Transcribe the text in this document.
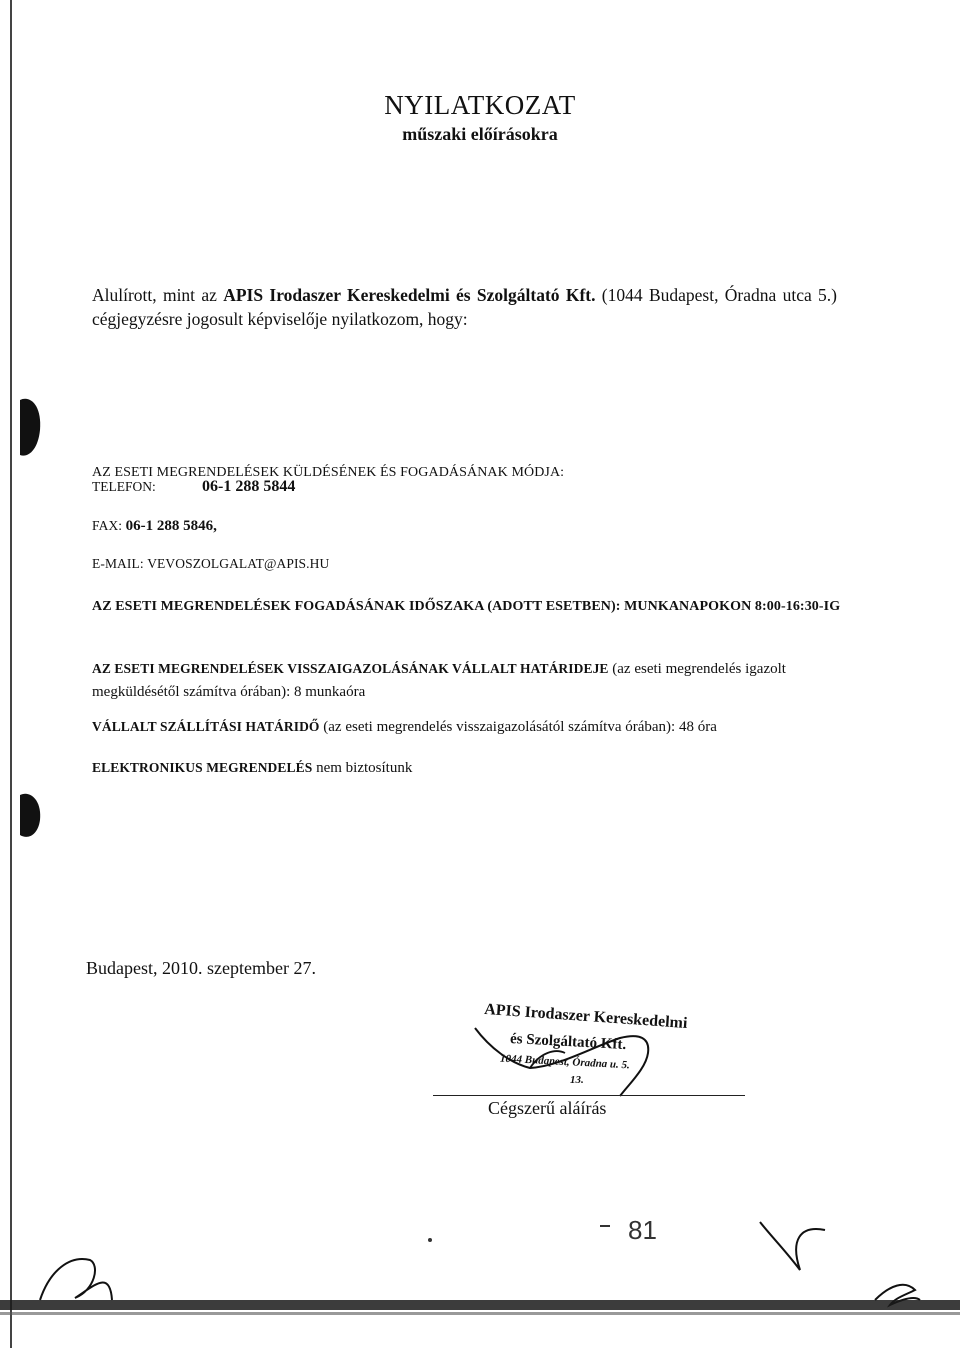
NYILATKOZAT
műszaki előírásokra
Alulírott, mint az APIS Irodaszer Kereskedelmi és Szolgáltató Kft. (1044 Budapest, Óradna utca 5.) cégjegyzésre jogosult képviselője nyilatkozom, hogy:
AZ ESETI MEGRENDELÉSEK KÜLDÉSÉNEK ÉS FOGADÁSÁNAK MÓDJA:
TELEFON:	06-1 288 5844
FAX: 06-1 288 5846,
E-MAIL: VEVOSZOLGALAT@APIS.HU
AZ ESETI MEGRENDELÉSEK FOGADÁSÁNAK IDŐSZAKA (ADOTT ESETBEN): MUNKANAPOKON 8:00-16:30-IG
AZ ESETI MEGRENDELÉSEK VISSZAIGAZOLÁSÁNAK VÁLLALT HATÁRIDEJE (az eseti megrendelés igazolt megküldésétől számítva órában): 8 munkaóra
VÁLLALT SZÁLLÍTÁSI HATÁRIDŐ (az eseti megrendelés visszaigazolásától számítva órában): 48 óra
ELEKTRONIKUS MEGRENDELÉS nem biztosítunk
Budapest, 2010. szeptember 27.
APIS Irodaszer Kereskedelmi
és Szolgáltató Kft.
1044 Budapest, Óradna u. 5.
13.
Cégszerű aláírás
81
